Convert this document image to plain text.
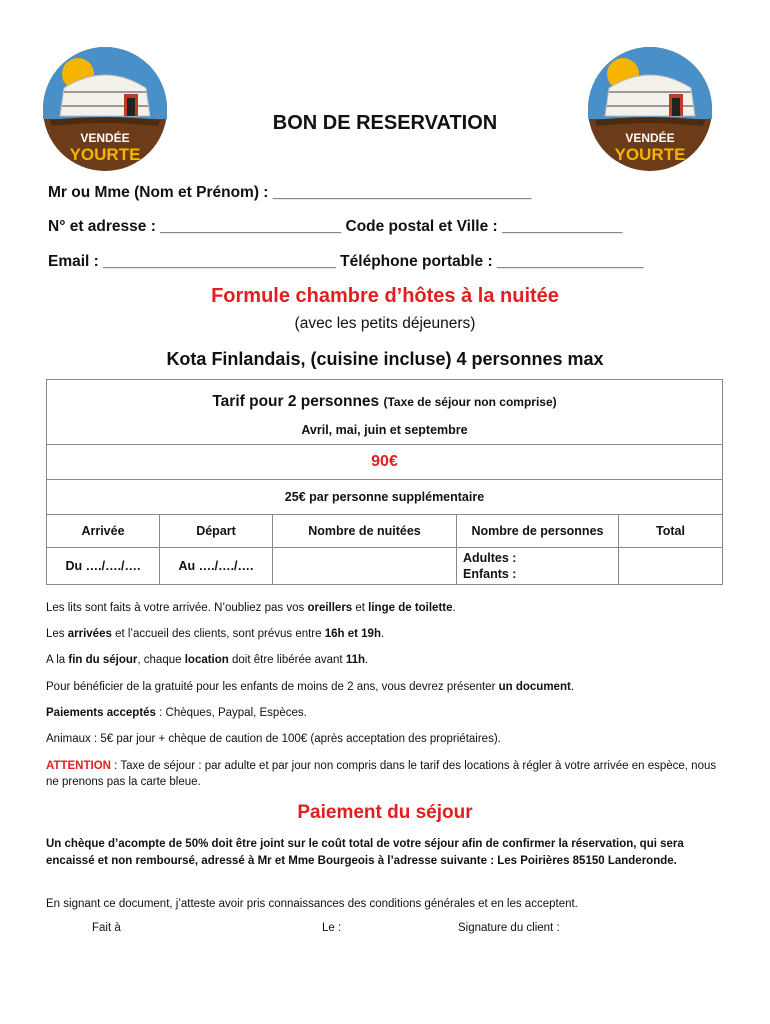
VENDÉE
YOURTE
VENDÉE
YOURTE
BON DE RESERVATION
Mr ou Mme (Nom et Prénom) : ______________________________
N° et adresse : _____________________ Code postal et Ville : ______________
Email : ___________________________ Téléphone portable : _________________
Formule chambre d’hôtes à la nuitée
(avec les petits déjeuners)
Kota Finlandais, (cuisine incluse) 4 personnes max
Tarif pour 2 personnes (Taxe de séjour non comprise)
Avril, mai, juin et septembre				

90€				
25€ par personne supplémentaire				
Arrivée	Départ	Nombre de nuitées	Nombre de personnes	Total
Du …./…./….	Au …./…./….		Adultes :
Enfants :	
Les lits sont faits à votre arrivée. N’oubliez pas vos oreillers et linge de toilette.
Les arrivées et l’accueil des clients, sont prévus entre 16h et 19h.
A la fin du séjour, chaque location doit être libérée avant 11h.
Pour bénéficier de la gratuité pour les enfants de moins de 2 ans, vous devrez présenter un document.
Paiements acceptés : Chèques, Paypal, Espèces.
Animaux : 5€ par jour + chèque de caution de 100€ (après acceptation des propriétaires).
ATTENTION : Taxe de séjour : par adulte et par jour non compris dans le tarif des locations à régler à votre arrivée en espèce, nous ne prenons pas la carte bleue.
Paiement du séjour
Un chèque d’acompte de 50% doit être joint sur le coût total de votre séjour afin de confirmer la réservation, qui sera encaissé et non remboursé, adressé à Mr et Mme Bourgeois à l’adresse suivante : Les Poirières 85150 Landeronde.
En signant ce document, j’atteste avoir pris connaissances des conditions générales et en les acceptent.
Fait à	Le :	Signature du client :
